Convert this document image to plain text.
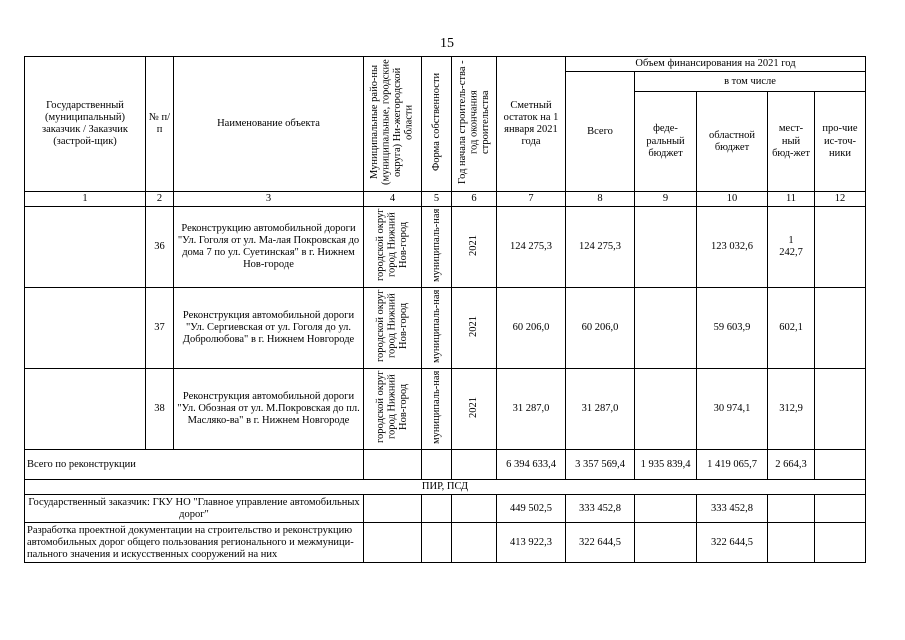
15
Государственный (муниципальный) заказчик / Заказчик (застрой-щик)	№ п/п	Наименование объекта	Муниципальные райо-ны (муниципальные, городские округа) Ни-жегородской области	Форма собственности	Год начала строитель-ства - год окончания строительства	Сметный остаток на 1 января 2021 года	Объем финансирования на 2021 год				
							Всего	в том числе			
								феде-ральный бюджет	областной бюджет	мест-ный бюд-жет	про-чие ис-точ-ники
1	2	3	4	5	6	7	8	9	10	11	12
	36	Реконструкцию автомобильной дороги "Ул. Гоголя от ул. Ма-лая Покровская до дома 7 по ул. Суетинская" в г. Нижнем Нов-городе	городской округ город Нижний Нов-город	муниципаль-ная	2021	124 275,3	124 275,3		123 032,6	1 242,7	
	37	Реконструкция автомобильной дороги "Ул. Сергиевская от ул. Гоголя до ул. Добролюбова" в г. Нижнем Новгороде	городской округ город Нижний Нов-город	муниципаль-ная	2021	60 206,0	60 206,0		59 603,9	602,1	
	38	Реконструкция автомобильной дороги "Ул. Обозная от ул. М.Покровская до пл. Масляко-ва" в г. Нижнем Новгороде	городской округ город Нижний Нов-город	муниципаль-ная	2021	31 287,0	31 287,0		30 974,1	312,9	
Всего по реконструкции						6 394 633,4	3 357 569,4	1 935 839,4	1 419 065,7	2 664,3	
ПИР, ПСД											
Государственный заказчик: ГКУ НО "Главное управление автомобильных дорог"						449 502,5	333 452,8		333 452,8		
Разработка проектной документации на строительство и реконструкцию автомобильных дорог общего пользования регионального и межмуници-пального значения и искусственных сооружений на них						413 922,3	322 644,5		322 644,5		
